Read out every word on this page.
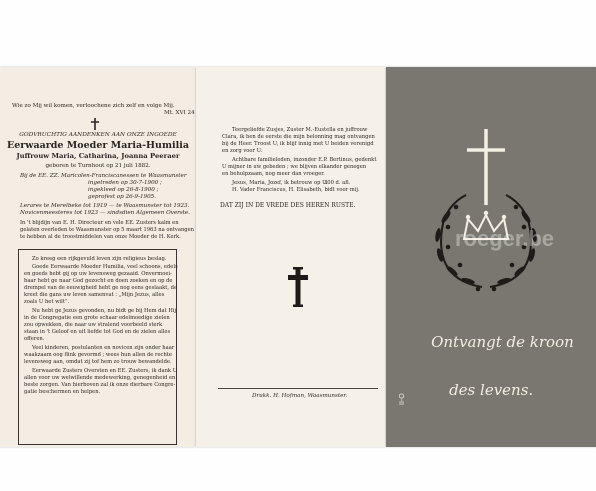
Wie zo Mij wil komen, verloochene zich zelf en volge Mij.
Mt. XVI 24
GODVRUCHTIG AANDENKEN AAN ONZE INGOEDE
Eerwaarde Moeder Maria-Humilia
Juffrouw Maria, Catharina, Joanna Peeraer
geboren te Turnhout op 21 juli 1882.
Bij de EE. ZZ. Maricolen-Franciscanessen te Waasmunster
ingetreden op 30-7-1900 ;
ingekleed op 26-8-1900 ;
geprofest op 26-9-1905.
Lerares te Merelbeke tot 1919 — te Waasmunster tot 1923.
Novicenmeesteres tot 1923 — sindsdien Algemeen Overste.
In 't blijdijn van E. H. Directeur en vele EE. Zusters kalm en
gelaten overleden te Waasmunster op 5 maart 1963 na ontvangen
te hebben al de troostmiddelen van onze Moeder de H. Kerk.
Zo kreeg een rijkgevuld leven zijn religieus beslag.
Goede Eerwaarde Moeder Humilia, veel schoons, edels
en goeds hebt gij op uw levensweg gezaaid. Onvermoei-
baar hebt ge naar God gezocht en doen zoeken en op de
drempel van de eeuwigheid hebt ge nog eens geslaakt, de
kreet die gans uw leven samenvat : „Mijn Jezus, alles
zoals U het wilt”.
Nu hebt ge Jezus gevonden, nu bidt ge bij Hem dat Hij
in de Congregatie een grote schaar edelmoedige zielen
zou opwekken, die naar uw stralend voorbeeld sterk
staan in 't Geloof en uit liefde tot God en de zielen alles
offeren.
Veel kinderen, postulanten en novicen zijn onder haar
waakzaam oog flink gevormd ; wees hun allen de rechte
levensweg aan, omdat zij tof hem zo trouw bewandelde.
Eerwaarde Zusters Oversten en EE. Zusters, ik dank U
allen voor uw welwillende medewerking, genegenheid en
beste zorgen. Van hierboven zal ik onze dierbare Congre-
gatie beschermen en helpen.
Teergeliefde Zusjes, Zuster M.-Eustella en juffrouw
Clara, ik ben de eerste die mijn belonning mag ontvangen
bij de Heer. Troost U, ik blijf innig met U beiden verenigd
en zorg voor U.
Achtbare familieleden, inzonder E.P. Bertinus, gedenkt
U mijner in uw gebeden ; we blijven elkander genegen
en behulpzaam, nog meer dan vroeger.
Jesus, Maria, Jozef, ik betrouw op U.
300 d. afl.
H. Vader Franciscus, H. Elisabeth, bidt voor mij.
DAT ZIJ IN DE VREDE DES HEREN RUSTE.
Drukk. H. Hofman, Waasmunster.	II-O
roeger.be

Ontvangt de kroon

des levens.
